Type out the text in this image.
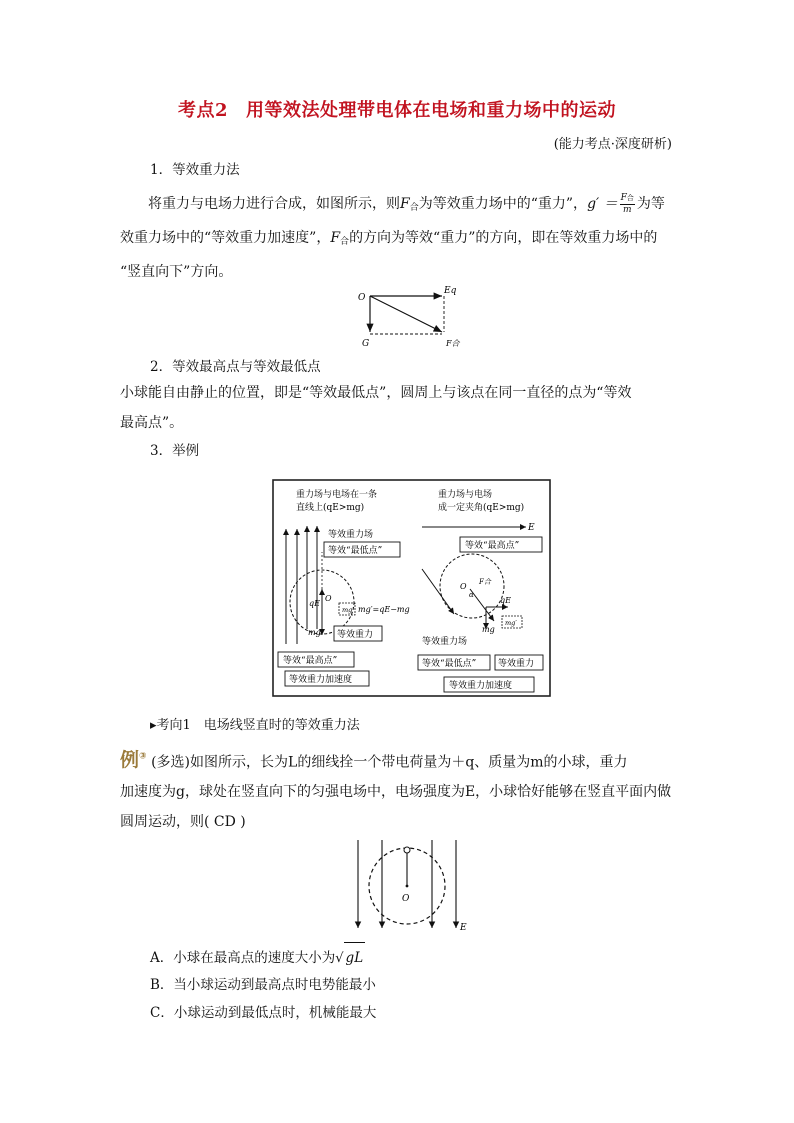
考点2 用等效法处理带电体在电场和重力场中的运动
(能力考点·深度研析)
1．等效重力法
将重力与电场力进行合成，如图所示，则F合为等效重力场中的“重力”，$g' = \frac{\text{F合}}{m}$ 为等
效重力场中的“等效重力加速度”，F合的方向为等效“重力”的方向，即在等效重力场中的
“竖直向下”方向。
O
Eq
G	F合
2．等效最高点与等效最低点
小球能自由静止的位置，即是“等效最低点”，圆周上与该点在同一直径的点为“等效
最高点”。
3．举例
重力场与电场在一条
直线上(qE>mg)
等效重力场
等效“最低点”
O
qE
mg
mg′ mg′=qE−mg
等效重力
等效“最高点”
等效重力加速度
重力场与电场
成一定夹角(qE>mg)
E
等效“最高点”
O F合
α
qE
mg
mg′
等效重力场
等效“最低点” 等效重力
等效重力加速度
▸考向1　电场线竖直时的等效重力法
例③ (多选)如图所示，长为L的细线拴一个带电荷量为＋q、质量为m的小球，重力
加速度为g，球处在竖直向下的匀强电场中，电场强度为E，小球恰好能够在竖直平面内做
圆周运动，则( CD )
O
E
A．小球在最高点的速度大小为√ gL
B．当小球运动到最高点时电势能最小
C．小球运动到最低点时，机械能最大
